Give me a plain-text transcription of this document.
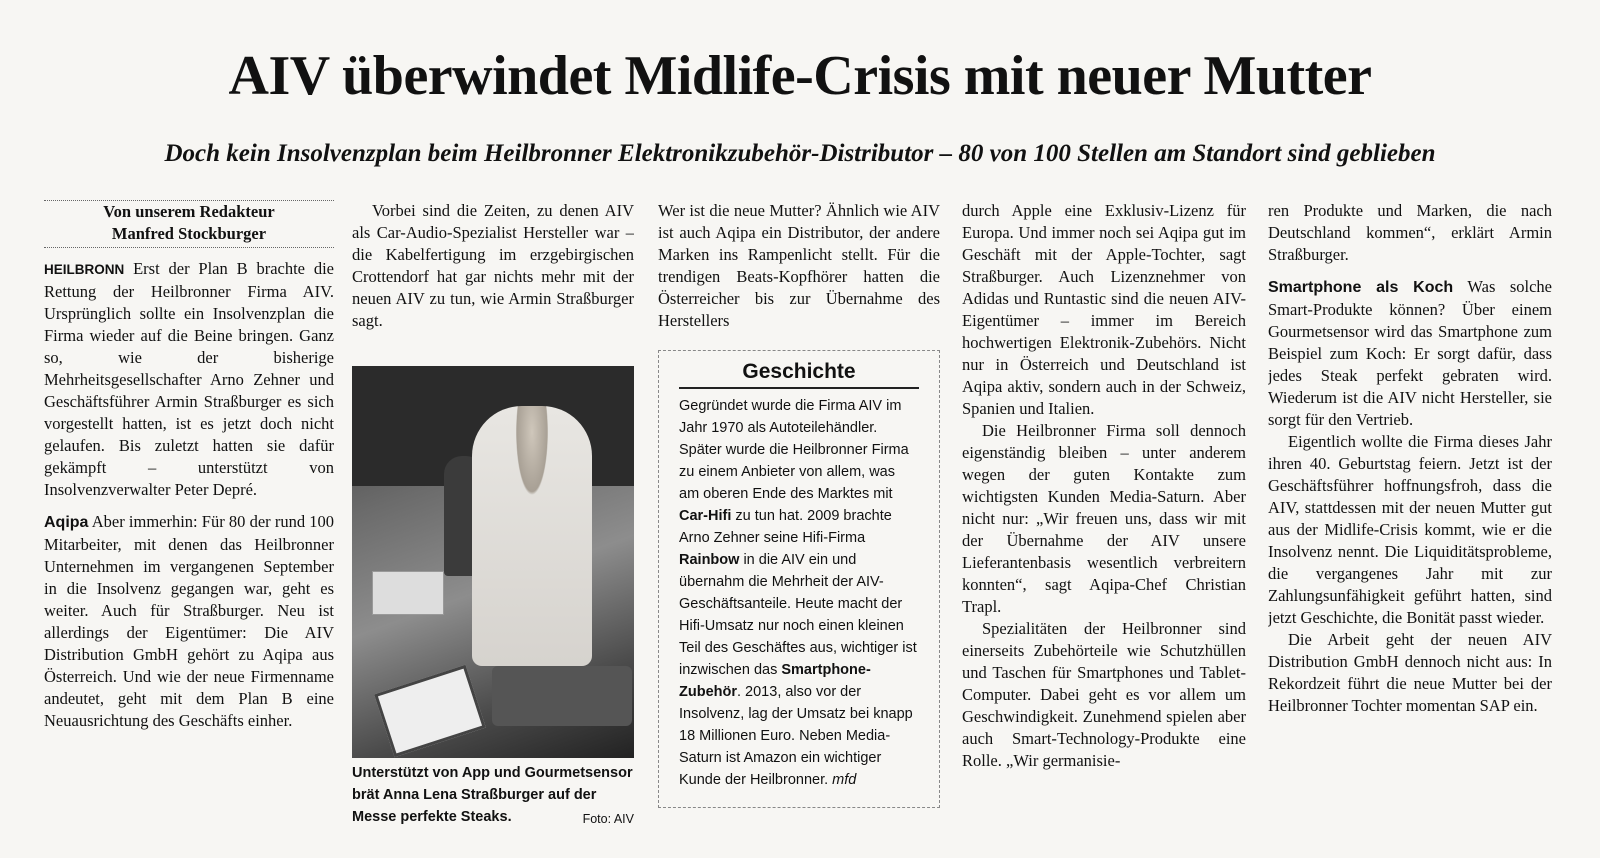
AIV überwindet Midlife-Crisis mit neuer Mutter
Doch kein Insolvenzplan beim Heilbronner Elektronikzubehör-Distributor – 80 von 100 Stellen am Standort sind geblieben
Von unserem Redakteur
Manfred Stockburger

HEILBRONN Erst der Plan B brachte die Rettung der Heilbronner Firma AIV. Ursprünglich sollte ein Insolvenzplan die Firma wieder auf die Beine bringen. Ganz so, wie der bisherige Mehrheitsgesellschafter Arno Zehner und Geschäftsführer Armin Straßburger es sich vorgestellt hatten, ist es jetzt doch nicht gelaufen. Bis zuletzt hatten sie dafür gekämpft – unterstützt von Insolvenzverwalter Peter Depré.

Aqipa Aber immerhin: Für 80 der rund 100 Mitarbeiter, mit denen das Heilbronner Unternehmen im vergangenen September in die Insolvenz gegangen war, geht es weiter. Auch für Straßburger. Neu ist allerdings der Eigentümer: Die AIV Distribution GmbH gehört zu Aqipa aus Österreich. Und wie der neue Firmenname andeutet, geht mit dem Plan B eine Neuausrichtung des Geschäfts einher.

Vorbei sind die Zeiten, zu denen AIV als Car-Audio-Spezialist Hersteller war – die Kabelfertigung im erzgebirgischen Crottendorf hat gar nichts mehr mit der neuen AIV zu tun, wie Armin Straßburger sagt.

Unterstützt von App und Gourmetsensor brät Anna Lena Straßburger auf der Messe perfekte Steaks.	Foto: AIV

Wer ist die neue Mutter? Ähnlich wie AIV ist auch Aqipa ein Distributor, der andere Marken ins Rampenlicht stellt. Für die trendigen Beats-Kopfhörer hatten die Österreicher bis zur Übernahme des Herstellers

Geschichte
Gegründet wurde die Firma AIV im Jahr 1970 als Autoteilehändler. Später wurde die Heilbronner Firma zu einem Anbieter von allem, was am oberen Ende des Marktes mit Car-Hifi zu tun hat. 2009 brachte Arno Zehner seine Hifi-Firma Rainbow in die AIV ein und übernahm die Mehrheit der AIV-Geschäftsanteile. Heute macht der Hifi-Umsatz nur noch einen kleinen Teil des Geschäftes aus, wichtiger ist inzwischen das Smartphone-Zubehör. 2013, also vor der Insolvenz, lag der Umsatz bei knapp 18 Millionen Euro. Neben Media-Saturn ist Amazon ein wichtiger Kunde der Heilbronner. mfd

durch Apple eine Exklusiv-Lizenz für Europa. Und immer noch sei Aqipa gut im Geschäft mit der Apple-Tochter, sagt Straßburger. Auch Lizenznehmer von Adidas und Runtastic sind die neuen AIV-Eigentümer – immer im Bereich hochwertigen Elektronik-Zubehörs. Nicht nur in Österreich und Deutschland ist Aqipa aktiv, sondern auch in der Schweiz, Spanien und Italien.

Die Heilbronner Firma soll dennoch eigenständig bleiben – unter anderem wegen der guten Kontakte zum wichtigsten Kunden Media-Saturn. Aber nicht nur: „Wir freuen uns, dass wir mit der Übernahme der AIV unsere Lieferantenbasis wesentlich verbreitern konnten“, sagt Aqipa-Chef Christian Trapl.

Spezialitäten der Heilbronner sind einerseits Zubehörteile wie Schutzhüllen und Taschen für Smartphones und Tablet-Computer. Dabei geht es vor allem um Geschwindigkeit. Zunehmend spielen aber auch Smart-Technology-Produkte eine Rolle. „Wir germanisie-

ren Produkte und Marken, die nach Deutschland kommen“, erklärt Armin Straßburger.

Smartphone als Koch Was solche Smart-Produkte können? Über einem Gourmetsensor wird das Smartphone zum Beispiel zum Koch: Er sorgt dafür, dass jedes Steak perfekt gebraten wird. Wiederum ist die AIV nicht Hersteller, sie sorgt für den Vertrieb.

Eigentlich wollte die Firma dieses Jahr ihren 40. Geburtstag feiern. Jetzt ist der Geschäftsführer hoffnungsfroh, dass die AIV, stattdessen mit der neuen Mutter gut aus der Midlife-Crisis kommt, wie er die Insolvenz nennt. Die Liquiditätsprobleme, die vergangenes Jahr mit zur Zahlungsunfähigkeit geführt hatten, sind jetzt Geschichte, die Bonität passt wieder.

Die Arbeit geht der neuen AIV Distribution GmbH dennoch nicht aus: In Rekordzeit führt die neue Mutter bei der Heilbronner Tochter momentan SAP ein.
